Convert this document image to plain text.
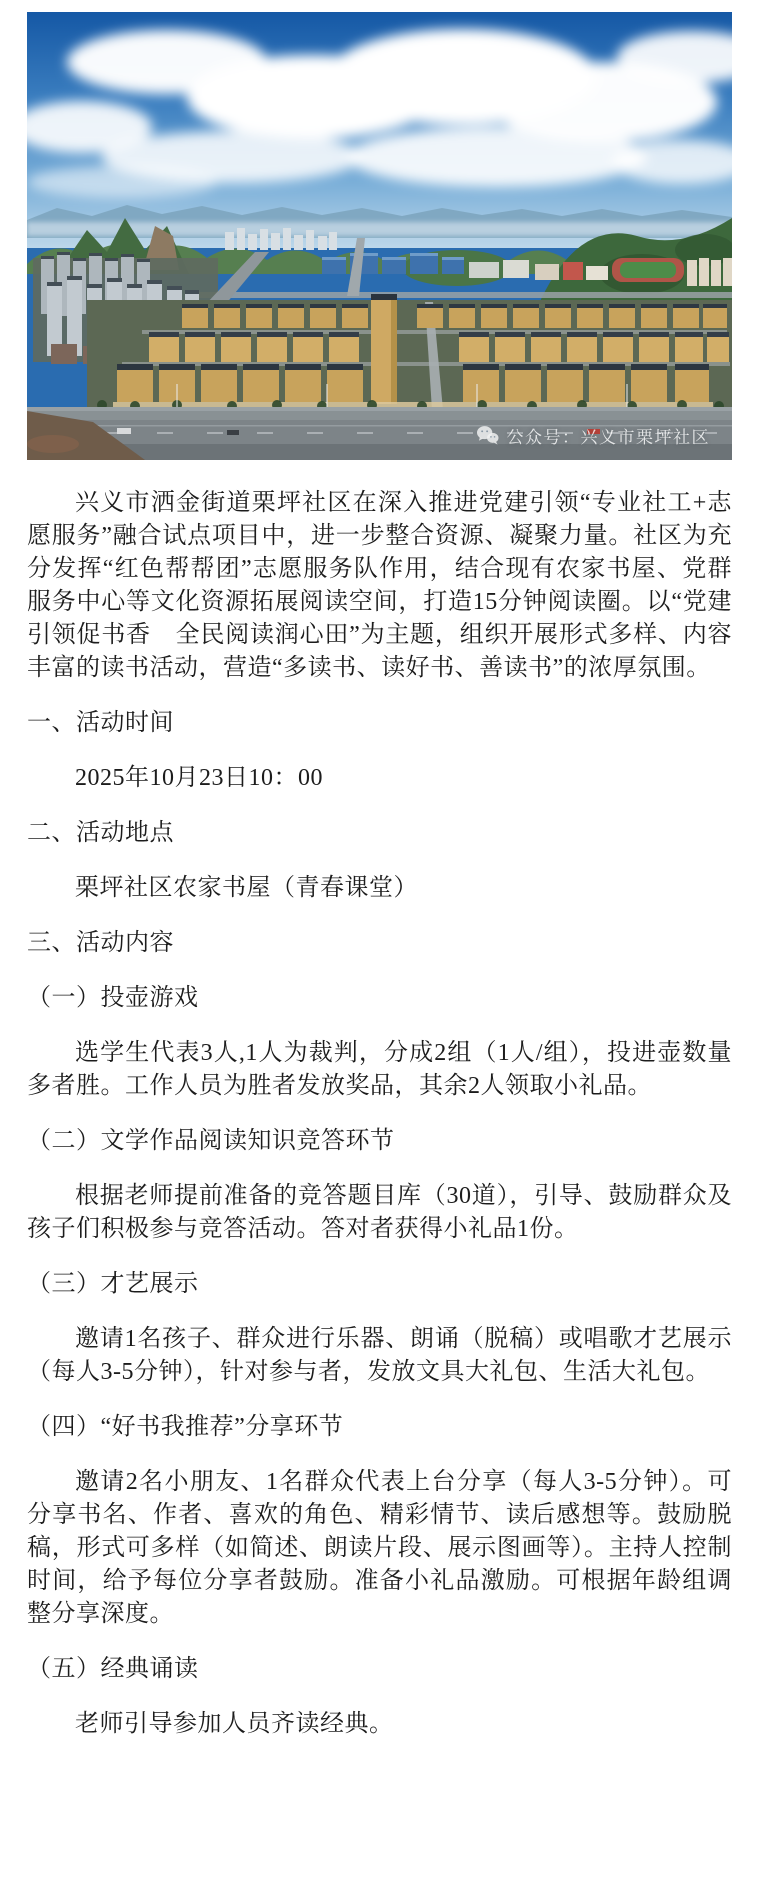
公众号：兴义市栗坪社区

兴义市洒金街道栗坪社区在深入推进党建引领“专业社工+志愿服务”融合试点项目中，进一步整合资源、凝聚力量。社区为充分发挥“红色帮帮团”志愿服务队作用，结合现有农家书屋、党群服务中心等文化资源拓展阅读空间，打造15分钟阅读圈。以“党建引领促书香　全民阅读润心田”为主题，组织开展形式多样、内容丰富的读书活动，营造“多读书、读好书、善读书”的浓厚氛围。

一、活动时间

2025年10月23日10：00

二、活动地点

栗坪社区农家书屋（青春课堂）

三、活动内容
（一）投壶游戏

选学生代表3人,1人为裁判，分成2组（1人/组），投进壶数量多者胜。工作人员为胜者发放奖品，其余2人领取小礼品。

（二）文学作品阅读知识竞答环节

根据老师提前准备的竞答题目库（30道），引导、鼓励群众及孩子们积极参与竞答活动。答对者获得小礼品1份。

（三）才艺展示

邀请1名孩子、群众进行乐器、朗诵（脱稿）或唱歌才艺展示（每人3-5分钟），针对参与者，发放文具大礼包、生活大礼包。

（四）“好书我推荐”分享环节

邀请2名小朋友、1名群众代表上台分享（每人3-5分钟）。可分享书名、作者、喜欢的角色、精彩情节、读后感想等。鼓励脱稿，形式可多样（如简述、朗读片段、展示图画等）。主持人控制时间，给予每位分享者鼓励。准备小礼品激励。可根据年龄组调整分享深度。

（五）经典诵读

老师引导参加人员齐读经典。
